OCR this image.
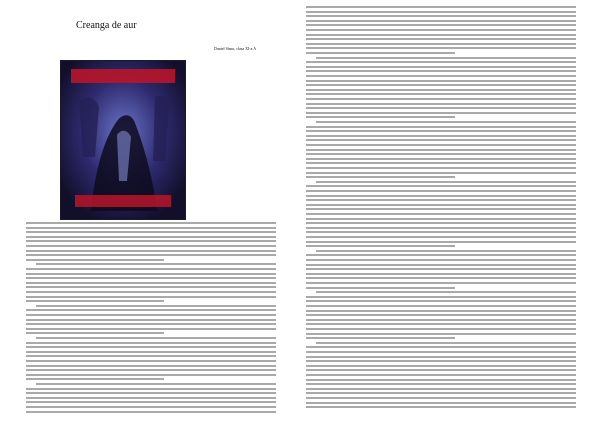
Creanga de aur

Daniel Simu, clasa XI-a A
